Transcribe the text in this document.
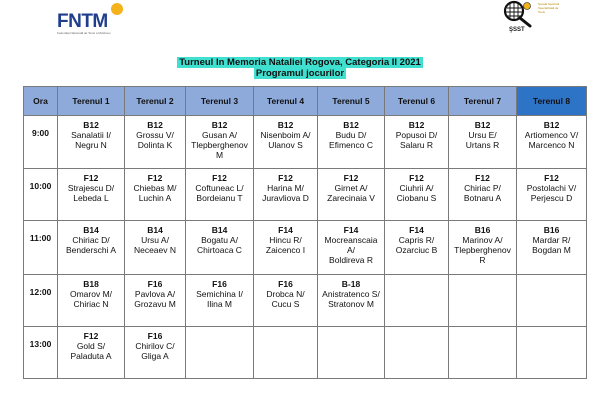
FNTM
Federația Națională de Tenis a Moldovei	ŞSST
Școala Sportivă Specializată de Tenis
Turneul In Memoria Nataliei Rogova, Categoria II 2021
Programul jocurilor
Ora	Terenul 1	Terenul 2	Terenul 3	Terenul 4	Terenul 5	Terenul 6	Terenul 7	Terenul 8
9:00	B12
Sanalatii I/
Negru N	B12
Grossu V/
Dolinta K	B12
Gusan A/
Tlepberghenov
M	B12
Nisenboim A/
Ulanov S	B12
Budu D/
Efimenco C	B12
Popusoi D/
Salaru R	B12
Ursu E/
Urtans R	B12
Artiomenco V/
Marcenco N

10:00	F12
Strajescu D/
Lebeda L	F12
Chiebas M/
Luchin A	F12
Coftuneac L/
Bordeianu T	F12
Harina M/
Juravliova D	F12
Girnet A/
Zarecinaia V	F12
Ciuhrii A/
Ciobanu S	F12
Chiriac P/
Botnaru A	F12
Postolachi V/
Perjescu D

11:00	B14
Chiriac D/
Benderschi A	B14
Ursu A/
Neceaev N	B14
Bogatu A/
Chirtoaca C	F14
Hincu R/
Zaicenco I	F14
Mocreanscaia
A/
Boldireva R	F14
Capris R/
Ozarciuc B	B16
Marinov A/
Tlepberghenov R	B16
Mardar R/
Bogdan M

12:00	B18
Omarov M/
Chiriac N	F16
Pavlova A/
Grozavu M	F16
Semichina I/
Ilina M	F16
Drobca N/
Cucu S	B-18
Anistratenco S/
Stratonov M			

13:00	F12
Gold S/
Paladuta A	F16
Chirilov C/
Gliga A						
